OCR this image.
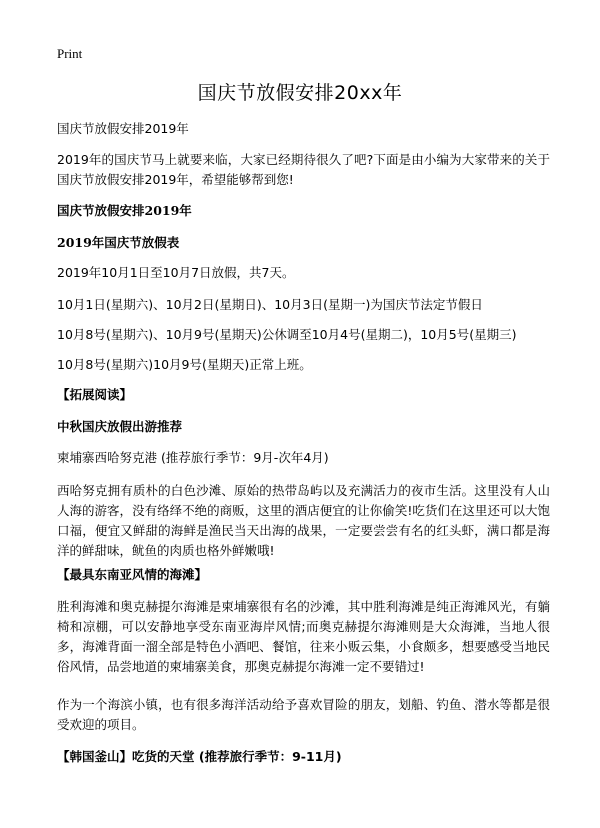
Print
国庆节放假安排20xx年
国庆节放假安排2019年
2019年的国庆节马上就要来临，大家已经期待很久了吧?下面是由小编为大家带来的关于国庆节放假安排2019年，希望能够帮到您!
国庆节放假安排2019年
2019年国庆节放假表
2019年10月1日至10月7日放假，共7天。
10月1日(星期六)、10月2日(星期日)、10月3日(星期一)为国庆节法定节假日
10月8号(星期六)、10月9号(星期天)公休调至10月4号(星期二)，10月5号(星期三)
10月8号(星期六)10月9号(星期天)正常上班。
【拓展阅读】
中秋国庆放假出游推荐
柬埔寨西哈努克港 (推荐旅行季节：9月-次年4月)
西哈努克拥有质朴的白色沙滩、原始的热带岛屿以及充满活力的夜市生活。这里没有人山人海的游客，没有络绎不绝的商贩，这里的酒店便宜的让你偷笑!吃货们在这里还可以大饱口福，便宜又鲜甜的海鲜是渔民当天出海的战果，一定要尝尝有名的红头虾，满口都是海洋的鲜甜味，鱿鱼的肉质也格外鲜嫩哦!
【最具东南亚风情的海滩】
胜利海滩和奥克赫提尔海滩是柬埔寨很有名的沙滩，其中胜利海滩是纯正海滩风光，有躺椅和凉棚，可以安静地享受东南亚海岸风情;而奥克赫提尔海滩则是大众海滩，当地人很多，海滩背面一溜全部是特色小酒吧、餐馆，往来小贩云集，小食颇多，想要感受当地民俗风情，品尝地道的柬埔寨美食，那奥克赫提尔海滩一定不要错过!
作为一个海滨小镇，也有很多海洋活动给予喜欢冒险的朋友，划船、钓鱼、潜水等都是很受欢迎的项目。
【韩国釜山】吃货的天堂 (推荐旅行季节：9-11月)
